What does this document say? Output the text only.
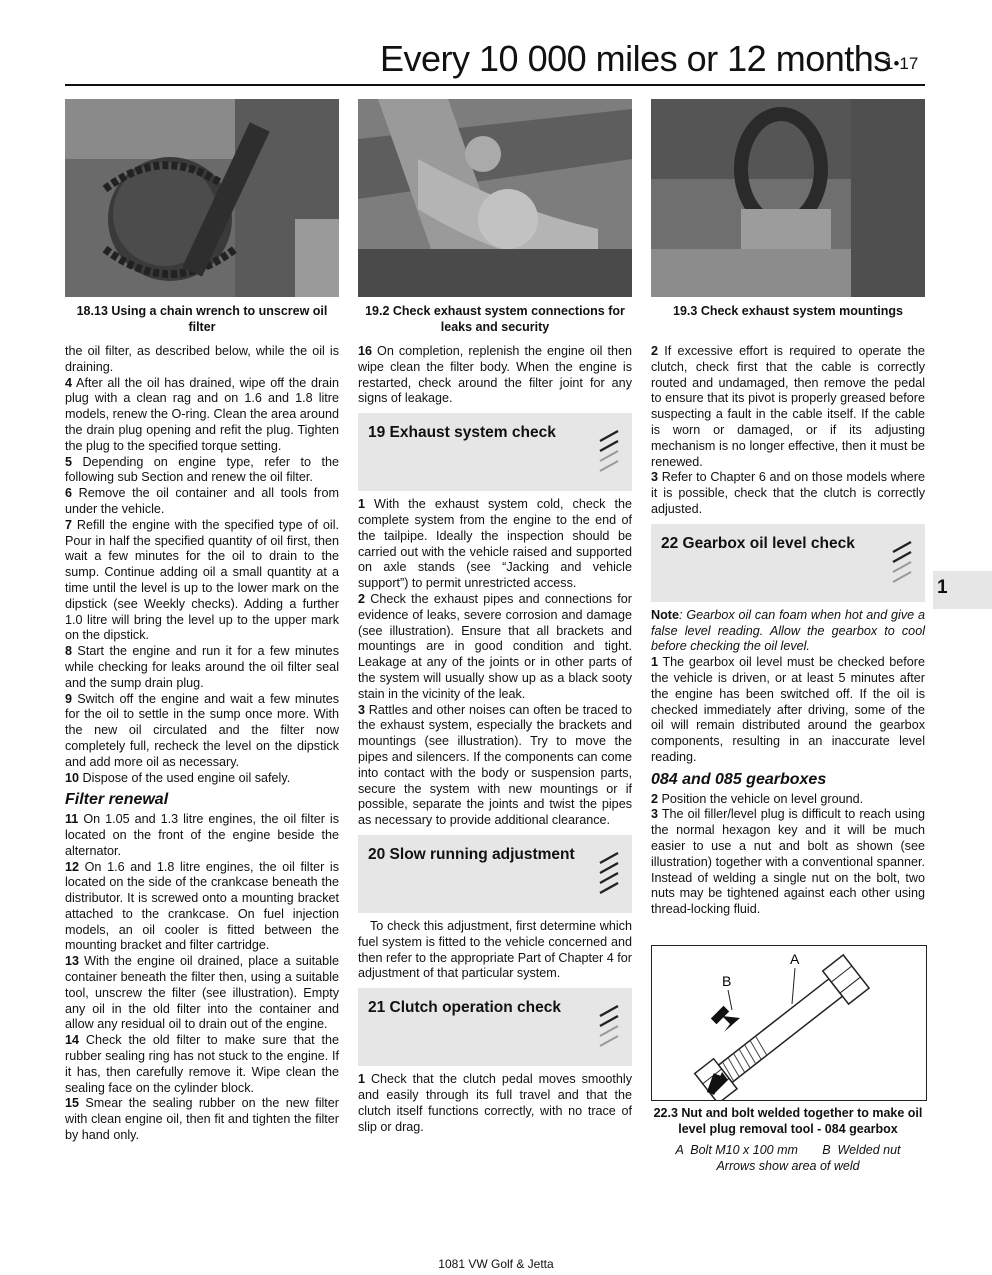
Every 10 000 miles or 12 months
1•17
18.13 Using a chain wrench to unscrew oil filter
19.2 Check exhaust system connections for leaks and security
19.3 Check exhaust system mountings

the oil filter, as described below, while the oil is draining.

4 After all the oil has drained, wipe off the drain plug with a clean rag and on 1.6 and 1.8 litre models, renew the O-ring. Clean the area around the drain plug opening and refit the plug. Tighten the plug to the specified torque setting.

5 Depending on engine type, refer to the following sub Section and renew the oil filter.

6 Remove the oil container and all tools from under the vehicle.

7 Refill the engine with the specified type of oil. Pour in half the specified quantity of oil first, then wait a few minutes for the oil to drain to the sump. Continue adding oil a small quantity at a time until the level is up to the lower mark on the dipstick (see Weekly checks). Adding a further 1.0 litre will bring the level up to the upper mark on the dipstick.

8 Start the engine and run it for a few minutes while checking for leaks around the oil filter seal and the sump drain plug.

9 Switch off the engine and wait a few minutes for the oil to settle in the sump once more. With the new oil circulated and the filter now completely full, recheck the level on the dipstick and add more oil as necessary.

10 Dispose of the used engine oil safely.

Filter renewal

11 On 1.05 and 1.3 litre engines, the oil filter is located on the front of the engine beside the alternator.

12 On 1.6 and 1.8 litre engines, the oil filter is located on the side of the crankcase beneath the distributor. It is screwed onto a mounting bracket attached to the crankcase. On fuel injection models, an oil cooler is fitted between the mounting bracket and filter cartridge.

13 With the engine oil drained, place a suitable container beneath the filter then, using a suitable tool, unscrew the filter (see illustration). Empty any oil in the old filter into the container and allow any residual oil to drain out of the engine.

14 Check the old filter to make sure that the rubber sealing ring has not stuck to the engine. If it has, then carefully remove it. Wipe clean the sealing face on the cylinder block.

15 Smear the sealing rubber on the new filter with clean engine oil, then fit and tighten the filter by hand only.

16 On completion, replenish the engine oil then wipe clean the filter body. When the engine is restarted, check around the filter joint for any signs of leakage.

19 Exhaust system check

1 With the exhaust system cold, check the complete system from the engine to the end of the tailpipe. Ideally the inspection should be carried out with the vehicle raised and supported on axle stands (see “Jacking and vehicle support”) to permit unrestricted access.

2 Check the exhaust pipes and connections for evidence of leaks, severe corrosion and damage (see illustration). Ensure that all brackets and mountings are in good condition and tight. Leakage at any of the joints or in other parts of the system will usually show up as a black sooty stain in the vicinity of the leak.

3 Rattles and other noises can often be traced to the exhaust system, especially the brackets and mountings (see illustration). Try to move the pipes and silencers. If the components can come into contact with the body or suspension parts, secure the system with new mountings or if possible, separate the joints and twist the pipes as necessary to provide additional clearance.

20 Slow running adjustment

To check this adjustment, first determine which fuel system is fitted to the vehicle concerned and then refer to the appropriate Part of Chapter 4 for adjustment of that particular system.

21 Clutch operation check

1 Check that the clutch pedal moves smoothly and easily through its full travel and that the clutch itself functions correctly, with no trace of slip or drag.

2 If excessive effort is required to operate the clutch, check first that the cable is correctly routed and undamaged, then remove the pedal to ensure that its pivot is properly greased before suspecting a fault in the cable itself. If the cable is worn or damaged, or if its adjusting mechanism is no longer effective, then it must be renewed.

3 Refer to Chapter 6 and on those models where it is possible, check that the clutch is correctly adjusted.

22 Gearbox oil level check

Note: Gearbox oil can foam when hot and give a false level reading. Allow the gearbox to cool before checking the oil level.

1 The gearbox oil level must be checked before the vehicle is driven, or at least 5 minutes after the engine has been switched off. If the oil is checked immediately after driving, some of the oil will remain distributed around the gearbox components, resulting in an inaccurate level reading.

084 and 085 gearboxes

2 Position the vehicle on level ground.

3 The oil filler/level plug is difficult to reach using the normal hexagon key and it will be much easier to use a nut and bolt as shown (see illustration) together with a conventional spanner. Instead of welding a single nut on the bolt, two nuts may be tightened against each other using thread-locking fluid.

1
A
B
22.3 Nut and bolt welded together to make oil level plug removal tool - 084 gearbox
A  Bolt M10 x 100 mm       B  Welded nut
Arrows show area of weld
1081 VW Golf & Jetta
